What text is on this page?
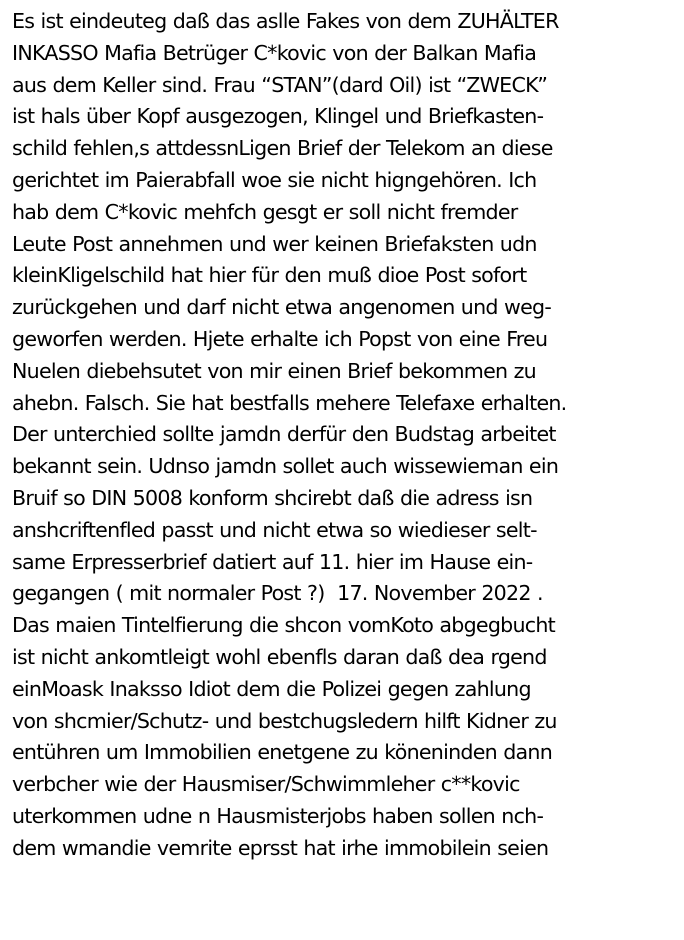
Es ist eindeuteg daß das aslle Fakes von dem ZUHÄLTER
INKASSO Mafia Betrüger C*kovic von der Balkan Mafia
aus dem Keller sind. Frau “STAN”(dard Oil) ist “ZWECK”
ist hals über Kopf ausgezogen, Klingel und Briefkasten-
schild fehlen,s attdessnLigen Brief der Telekom an diese
gerichtet im Paierabfall woe sie nicht higngehören. Ich
hab dem C*kovic mehfch gesgt er soll nicht fremder
Leute Post annehmen und wer keinen Briefaksten udn
kleinKligelschild hat hier für den muß dioe Post sofort
zurückgehen und darf nicht etwa angenomen und weg-
geworfen werden. Hjete erhalte ich Popst von eine Freu
Nuelen diebehsutet von mir einen Brief bekommen zu
ahebn. Falsch. Sie hat bestfalls mehere Telefaxe erhalten.
Der unterchied sollte jamdn derfür den Budstag arbeitet
bekannt sein. Udnso jamdn sollet auch wissewieman ein
Bruif so DIN 5008 konform shcirebt daß die adress isn
anshcriftenfled passt und nicht etwa so wiedieser selt-
same Erpresserbrief datiert auf 11. hier im Hause ein-
gegangen ( mit normaler Post ?)  17. November 2022 .
Das maien Tintelfierung die shcon vomKoto abgegbucht
ist nicht ankomtleigt wohl ebenfls daran daß dea rgend
einMoask Inaksso Idiot dem die Polizei gegen zahlung
von shcmier/Schutz- und bestchugsledern hilft Kidner zu
entühren um Immobilien enetgene zu köneninden dann
verbcher wie der Hausmiser/Schwimmleher c**kovic
uterkommen udne n Hausmisterjobs haben sollen nch-
dem wmandie vemrite eprsst hat irhe immobilein seien
